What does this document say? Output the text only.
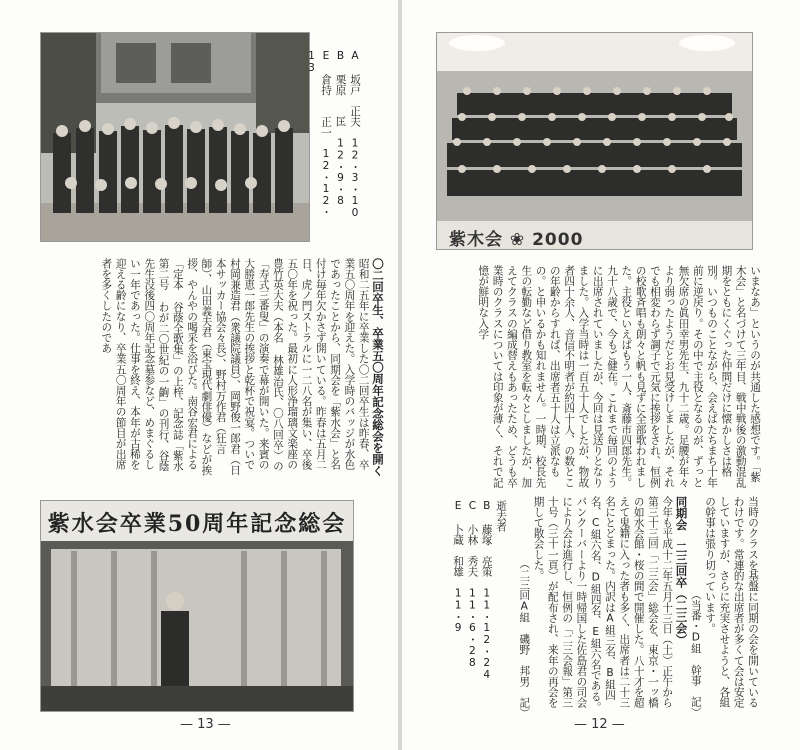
A 坂戸　正夫　12・3・10
B 栗原　　匡　12・9・8
E 倉持　　正一　12・12・13

〇二回卒生、卒業五〇周年記念総会を開く

昭和二五年に卒業した〇二回卒生は昨春、卒業五〇周年を迎えた。入学時のバッジが水色であったことから、同期会を「紫水会」と名付け毎年欠かさず開いている。昨春は五月二日、虎ノ門ストラルに一二八名が集い、卒後五〇年を祝った。最初に人形浄瑠璃文楽座の豊竹英大夫（本名 林雄治氏、〇八回卒）の「寿式三番叟」の演奏で幕が開いた。来賓の大勝恵一郎先生の挨拶と乾杯で祝宴。ついで村岡兼造君（衆議院議員）、岡野俊一郎君（日本サッカー協会々長）、野村万作君（狂言師）、山田義夫君（東宝現代劇俳優）などが挨拶、やんやの喝采を浴びた。南谷宏君による「定本 谷蔭全歌集」の上梓、記念誌「紫水第二号 わが二〇世紀の一齣」の刊行、谷蔭先生没後四〇周年記念墓参など、めまぐるしい一年であった。仕事を終え、本年が古稀を迎える齢になり、卒業五〇周年の節目が出席者を多くしたのであ

紫水会卒業50周年記念総会
— 13 —
紫木会 ❀ 2000

いまなあ」というのが共通した感想です。「紫木会」と名づけて三年目、戦中戦後の激動混乱期をともにくぐった仲間だけに懐かしさは格別。いつものことながら、会えばたちまち十年前に逆戻り。その中で主役となるのが、ずっと無欠席の眞田幸男先生、九十二歳。足腰が年々より弱ったようだとお見受けしましたが、それでも相変わらず調子で元気に挨拶をされ、恒例の校歌斉唱も朗々と帆も見ずに全部歌われました。主役といえばもう一人、斎藤市四郎先生。九十八歳で、今もご健在。これまで毎回のように出席されていましたが、今回は見送りとなりました。入学当時は一百五十人でしたが、物故者四十余人、音信不明者が約四十人、の数とこの年齢からすれば、出席者五十人は立派なもの。と申いるかも知れません。一時期、校長先生の転勤など借り教室を転々としましたが、加えてクラスの編成替えもあったため、どうも卒業時のクラスについては印象が薄く、それで記憶が鮮明な入学

当時のクラスを基盤に同期の会を開いているわけです。常連的な出席者が多くて会は安定していますが、さらに充実させようと、各組の幹事は張り切っています。

（当番・D組　幹事　記）

同期会　二三回卒（二三会）

今年も平成十二年五月十三日（土）正午から第三十三回「二三会」総会を、東京・一ッ橋の如水会館・桜の間で開催した。八十才を超えて鬼籍に入った者も多く、出席者は二十三名にとどまった。内訳はA組三名、B組四名、C組六名、D組四名、E組六名である。パンクーバーより一時帰国した佐島君の司会により会は進行し、恒例の「二三会報」第三十号（三十一頁）が配布され、来年の再会を期して散会した。

（二三回A組　磯野　邦男　記）

逝去者

B 藤塚　亮策　11・12・24

C 小林　秀夫　11・6・28

E 卜蔵　和雄　11・9

— 12 —
